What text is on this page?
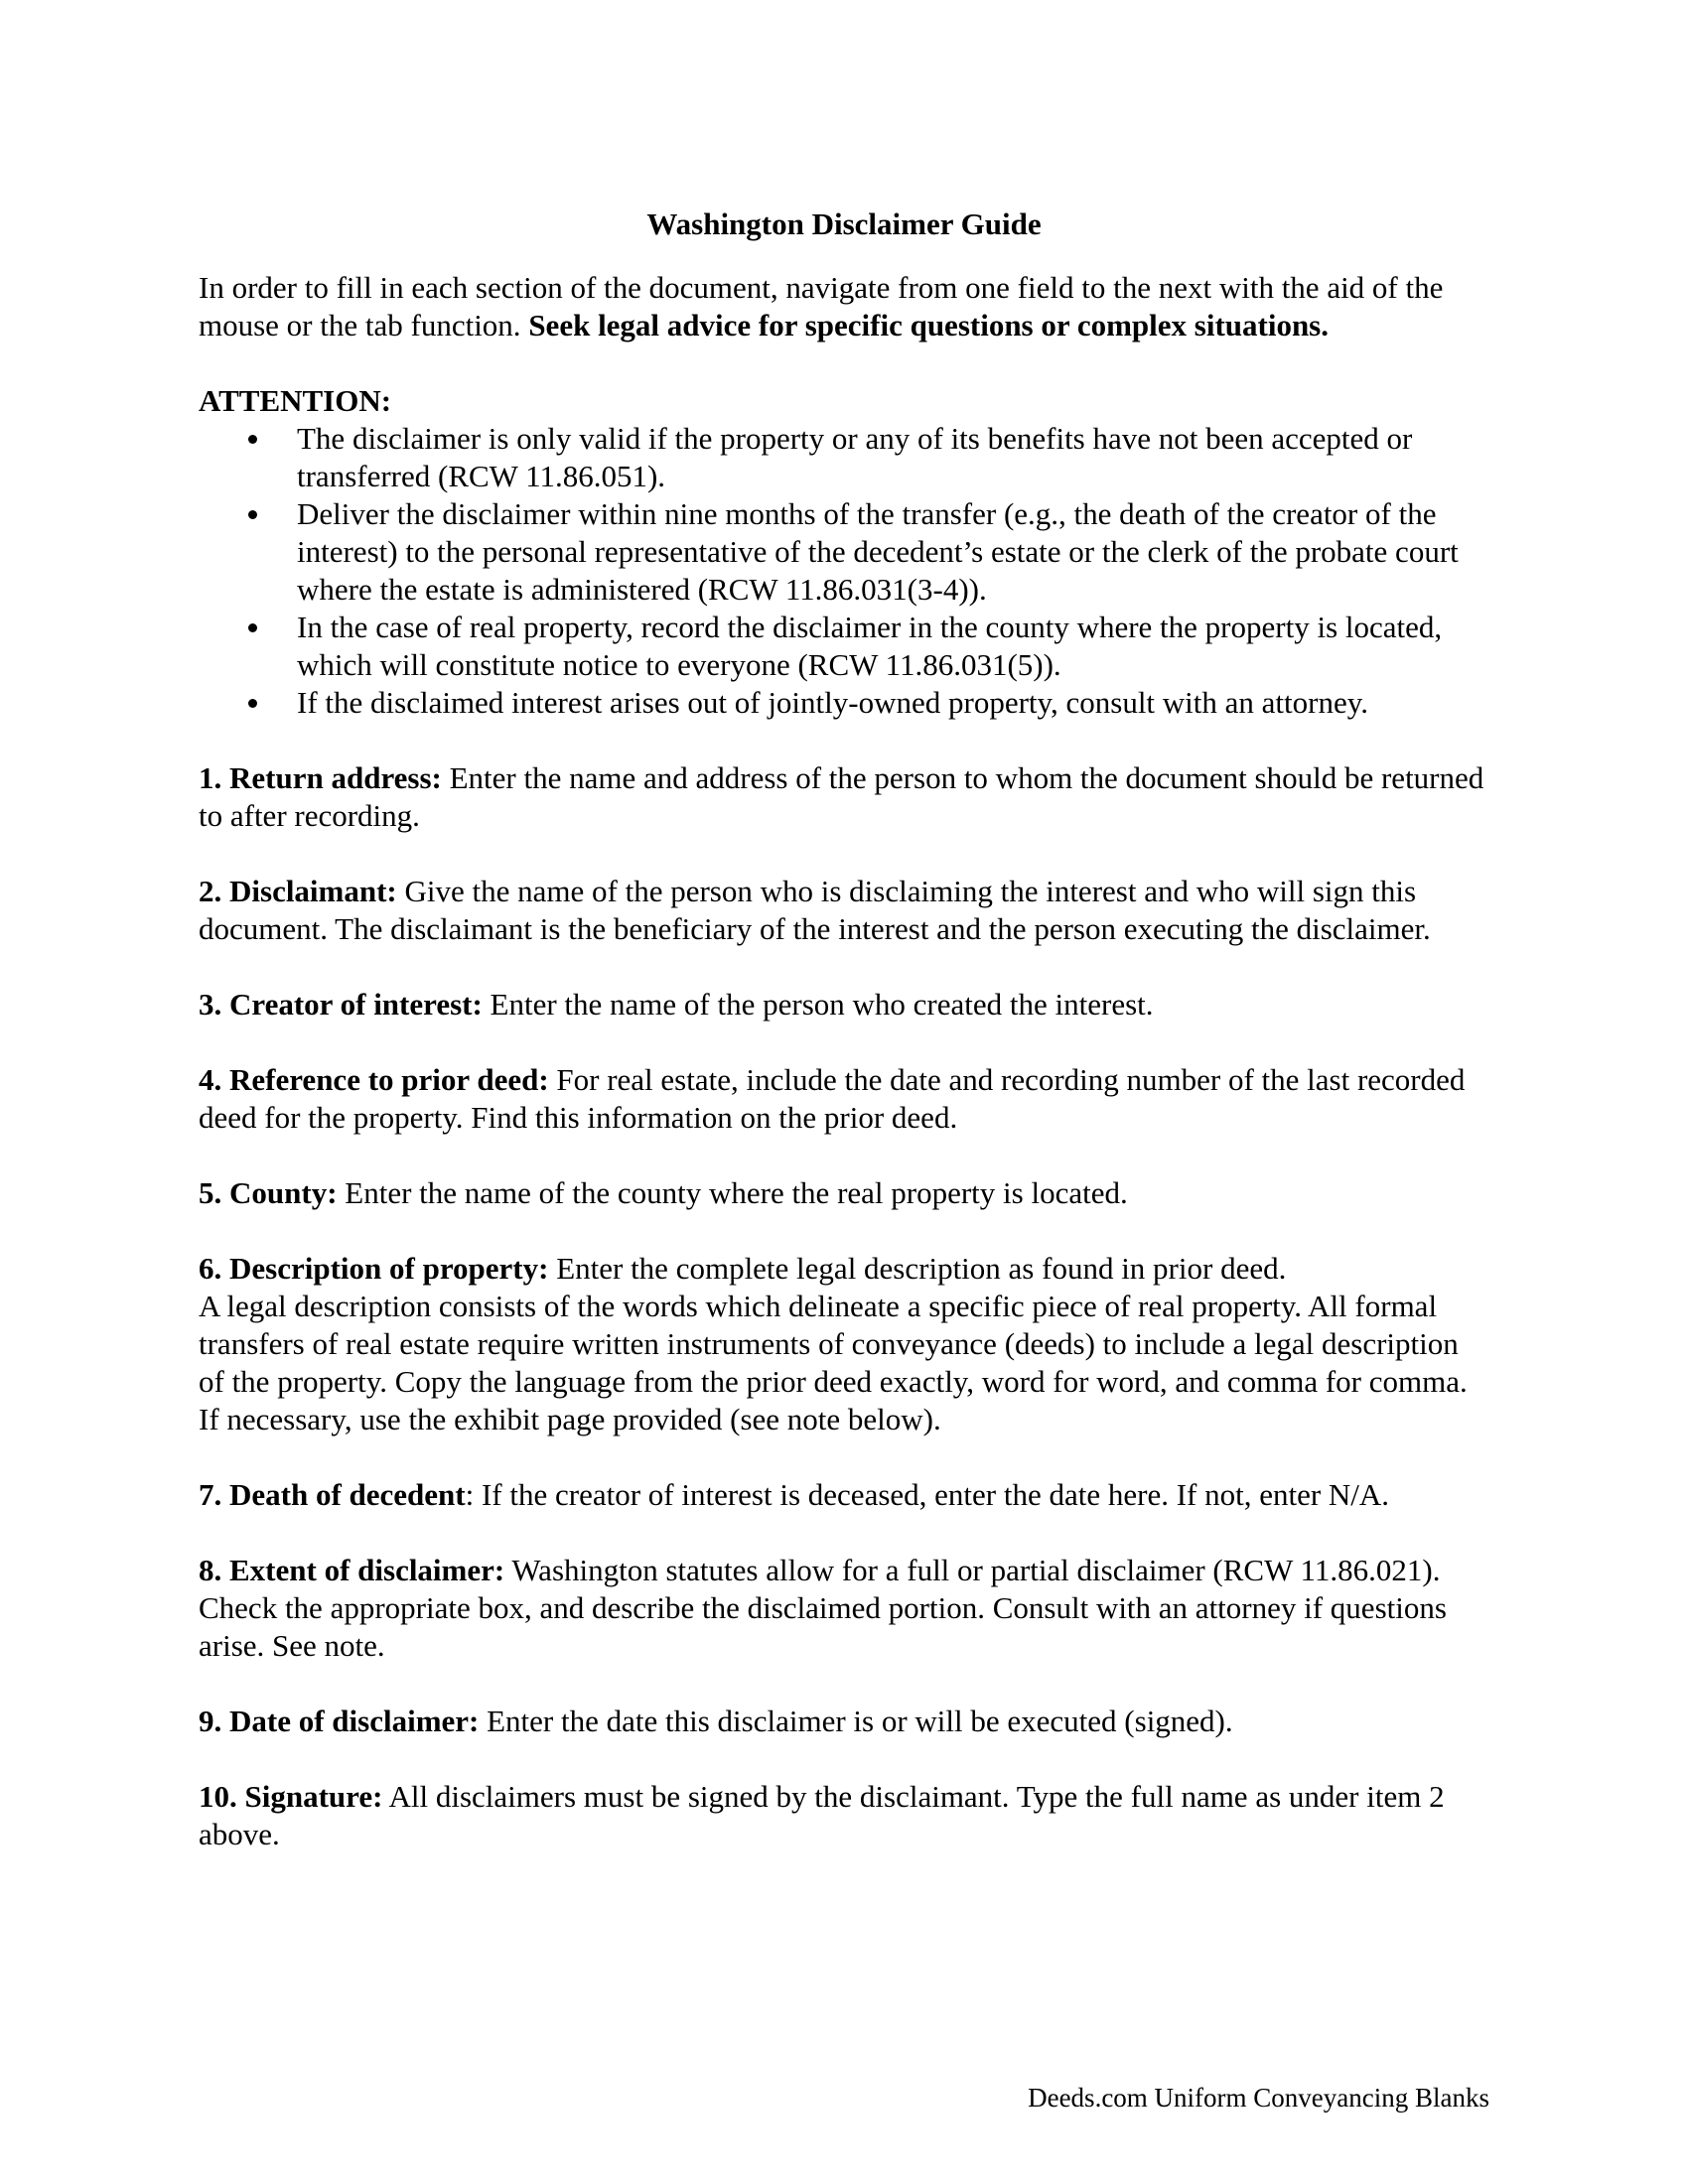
Washington Disclaimer Guide

In order to fill in each section of the document, navigate from one field to the next with the aid of the mouse or the tab function. Seek legal advice for specific questions or complex situations.

ATTENTION:

The disclaimer is only valid if the property or any of its benefits have not been accepted or transferred (RCW 11.86.051).
Deliver the disclaimer within nine months of the transfer (e.g., the death of the creator of the interest) to the personal representative of the decedent’s estate or the clerk of the probate court where the estate is administered (RCW 11.86.031(3-4)).
In the case of real property, record the disclaimer in the county where the property is located, which will constitute notice to everyone (RCW 11.86.031(5)).
If the disclaimed interest arises out of jointly-owned property, consult with an attorney.

1. Return address: Enter the name and address of the person to whom the document should be returned to after recording.

2. Disclaimant: Give the name of the person who is disclaiming the interest and who will sign this document. The disclaimant is the beneficiary of the interest and the person executing the disclaimer.

3. Creator of interest: Enter the name of the person who created the interest.

4. Reference to prior deed: For real estate, include the date and recording number of the last recorded deed for the property. Find this information on the prior deed.

5. County: Enter the name of the county where the real property is located.

6. Description of property: Enter the complete legal description as found in prior deed.
A legal description consists of the words which delineate a specific piece of real property. All formal transfers of real estate require written instruments of conveyance (deeds) to include a legal description of the property. Copy the language from the prior deed exactly, word for word, and comma for comma. If necessary, use the exhibit page provided (see note below).

7. Death of decedent: If the creator of interest is deceased, enter the date here. If not, enter N/A.

8. Extent of disclaimer: Washington statutes allow for a full or partial disclaimer (RCW 11.86.021). Check the appropriate box, and describe the disclaimed portion. Consult with an attorney if questions arise. See note.

9. Date of disclaimer: Enter the date this disclaimer is or will be executed (signed).

10. Signature: All disclaimers must be signed by the disclaimant. Type the full name as under item 2 above.

Deeds.com Uniform Conveyancing Blanks
